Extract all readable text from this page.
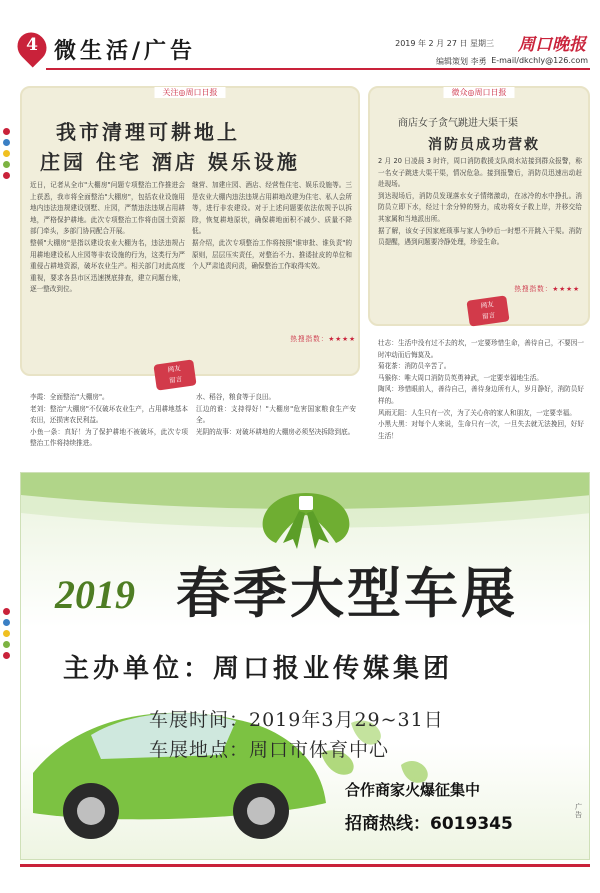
4 微生活/广告	2019 年 2 月 27 日 星期三 周口晚报
编辑策划 李勇 E-mail/dkchly@126.com
关注◎周口日报
我市清理可耕地上
庄园 住宅 酒店 娱乐设施
近日，记者从全市"大棚房"问题专项整治工作推进会上获悉，我市将全面整治"大棚房"，包括农业设施用地内违法违规建设别墅、庄园，严禁违法违规占用耕地，严格保护耕地。此次专项整治工作将由国土资源部门牵头，多部门协同配合开展。
整顿"大棚房"是指以建设农业大棚为名，违法违规占用耕地建设私人庄园等非农设施的行为，这类行为严重侵占耕地资源，破坏农业生产。相关部门对此高度重视，要求各县市区迅速摸底排查，建立问题台账，逐一整改到位。
继营、加建庄园、酒店、经营性住宅、娱乐设施等。三是农业大棚内违法违规占用耕地改建为住宅、私人会所等，进行非农建设。对于上述问题要依法依规予以拆除，恢复耕地原状，确保耕地面积不减少、质量不降低。
据介绍，此次专项整治工作将按照"谁审批、谁负责"的原则，层层压实责任，对整治不力、推诿扯皮的单位和个人严肃追责问责，确保整治工作取得实效。
热搜指数：★★★★
网友
留言
李霞：全面整治"大棚房"。
老刘：整治"大棚房"不仅破坏农业生产，占用耕地基本农田，还损害农民利益。
小鱼一条：真好！为了保护耕地不被破坏，此次专项整治工作将持续推进。
水、稻谷，粮食等于良田。
江边的谁：支持得好！"大棚房"危害国家粮食生产安全。
光阴的故事：对破坏耕地的大棚房必须坚决拆除到底。
微众◎周口日报
商店女子贪气跳进大渠干渠
消防员成功营救
2 月 20 日凌晨 3 时许，周口消防救援支队商水站接到群众报警，称一名女子跳进大渠干渠，情况危急。接到报警后，消防员迅速出动赶赴现场。
到达现场后，消防员发现落水女子情绪激动，在冰冷的水中挣扎。消防员立即下水，经过十余分钟的努力，成功将女子救上岸，并移交给其家属和当地派出所。
据了解，该女子因家庭琐事与家人争吵后一时想不开跳入干渠。消防员提醒，遇到问题要冷静处理，珍爱生命。
热搜指数：★★★★
网友
留言
壮志：生活中没有过不去的坎，一定要珍惜生命，善待自己，不要因一时冲动而后悔莫及。
菊花茶：消防员辛苦了。
马猴你：唯大周口消防员英勇神武，一定要幸福地生活。
陶风：珍惜眼前人，善待自己，善待身边所有人，岁月静好，消防员好样的。
风雨无阻：人生只有一次，为了关心你的家人和朋友，一定要幸福。
小黑大黑：对每个人来说，生命只有一次，一旦失去就无法挽回，好好生活！
2019 春季大型车展
主办单位：周口报业传媒集团
车展时间：2019年3月29~31日
车展地点：周口市体育中心
合作商家火爆征集中
招商热线：6019345
广告
